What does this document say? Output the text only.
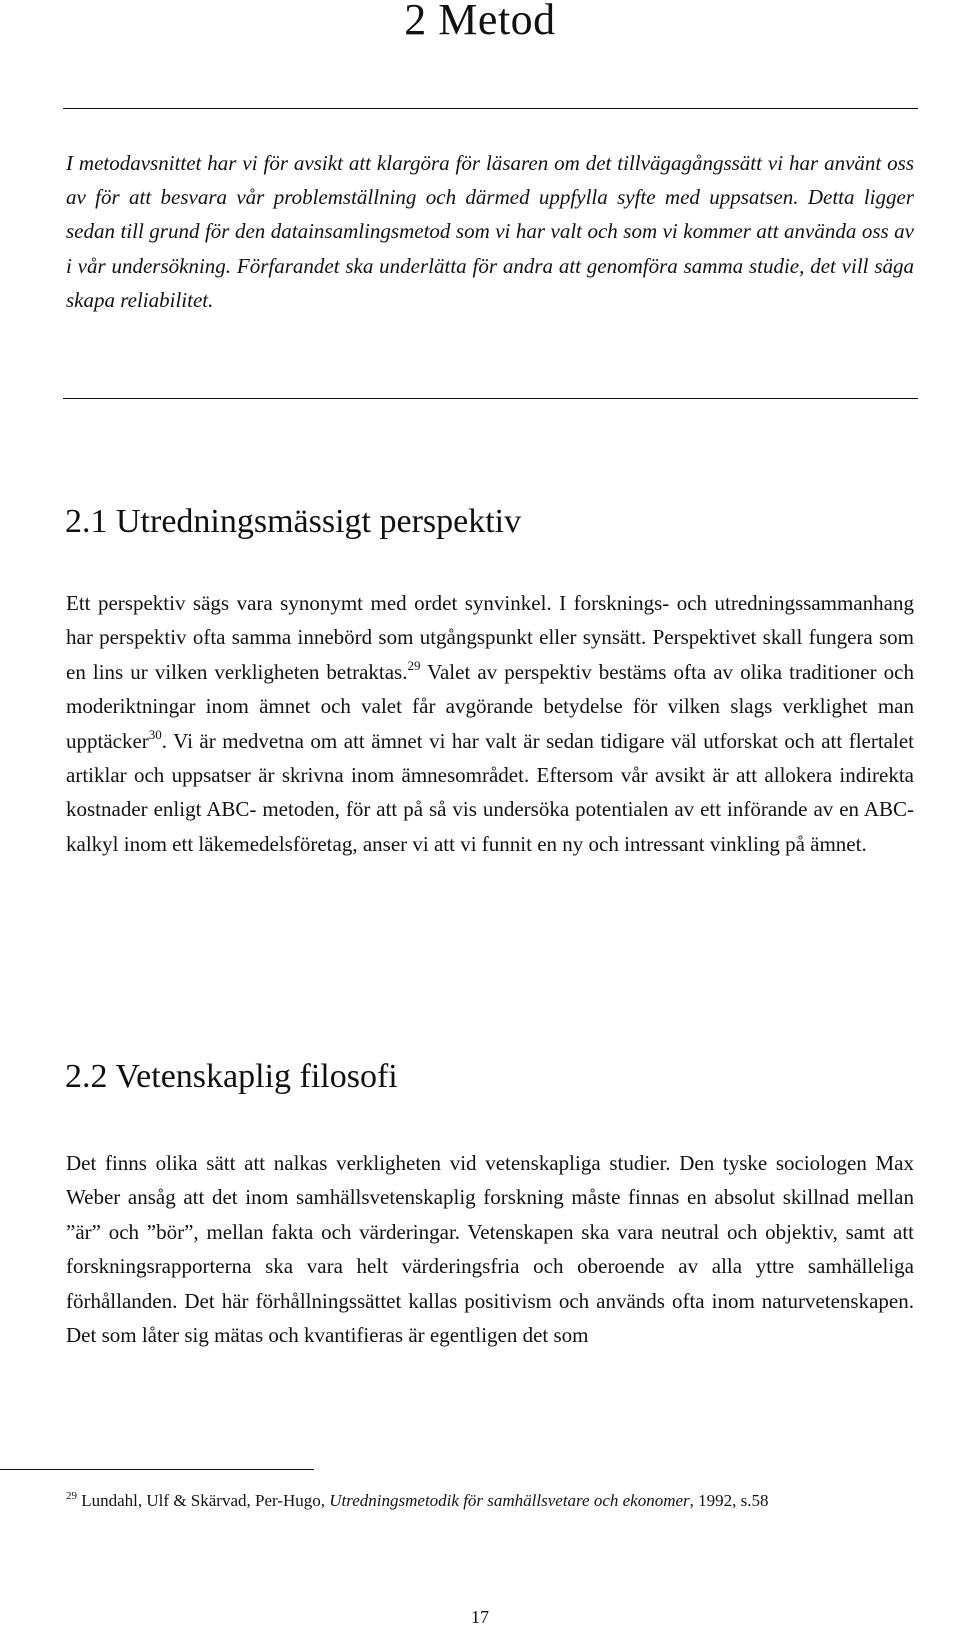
2 Metod

I metodavsnittet har vi för avsikt att klargöra för läsaren om det tillvägagångssätt vi har använt oss av för att besvara vår problemställning och därmed uppfylla syfte med uppsatsen. Detta ligger sedan till grund för den datainsamlingsmetod som vi har valt och som vi kommer att använda oss av i vår undersökning. Förfarandet ska underlätta för andra att genomföra samma studie, det vill säga skapa reliabilitet.

2.1 Utredningsmässigt perspektiv

Ett perspektiv sägs vara synonymt med ordet synvinkel. I forsknings- och utredningssammanhang har perspektiv ofta samma innebörd som utgångspunkt eller synsätt. Perspektivet skall fungera som en lins ur vilken verkligheten betraktas.$^{29}$ Valet av perspektiv bestäms ofta av olika traditioner och moderiktningar inom ämnet och valet får avgörande betydelse för vilken slags verklighet man upptäcker$^{30}$. Vi är medvetna om att ämnet vi har valt är sedan tidigare väl utforskat och att flertalet artiklar och uppsatser är skrivna inom ämnesområdet. Eftersom vår avsikt är att allokera indirekta kostnader enligt ABC- metoden, för att på så vis undersöka potentialen av ett införande av en ABC-kalkyl inom ett läkemedelsföretag, anser vi att vi funnit en ny och intressant vinkling på ämnet.

2.2 Vetenskaplig filosofi

Det finns olika sätt att nalkas verkligheten vid vetenskapliga studier. Den tyske sociologen Max Weber ansåg att det inom samhällsvetenskaplig forskning måste finnas en absolut skillnad mellan ”är” och ”bör”, mellan fakta och värderingar. Vetenskapen ska vara neutral och objektiv, samt att forskningsrapporterna ska vara helt värderingsfria och oberoende av alla yttre samhälleliga förhållanden. Det här förhållningssättet kallas positivism och används ofta inom naturvetenskapen. Det som låter sig mätas och kvantifieras är egentligen det som

$^{29}$ Lundahl, Ulf & Skärvad, Per-Hugo, Utredningsmetodik för samhällsvetare och ekonomer, 1992, s.58

17
